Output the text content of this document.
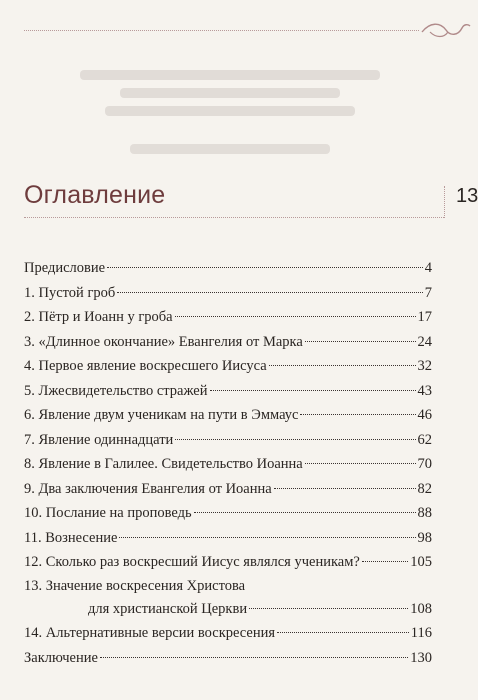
Оглавление	13
Предисловие	4
1. Пустой гроб	7
2. Пётр и Иоанн у гроба	17
3. «Длинное окончание» Евангелия от Марка	24
4. Первое явление воскресшего Иисуса	32
5. Лжесвидетельство стражей	43
6. Явление двум ученикам на пути в Эммаус	46
7. Явление одиннадцати	62
8. Явление в Галилее. Свидетельство Иоанна	70
9. Два заключения Евангелия от Иоанна	82
10. Послание на проповедь	88
11. Вознесение	98
12. Сколько раз воскресший Иисус являлся ученикам?	105
13. Значение воскресения Христова
для христианской Церкви	108
14. Альтернативные версии воскресения	116
Заключение	130
